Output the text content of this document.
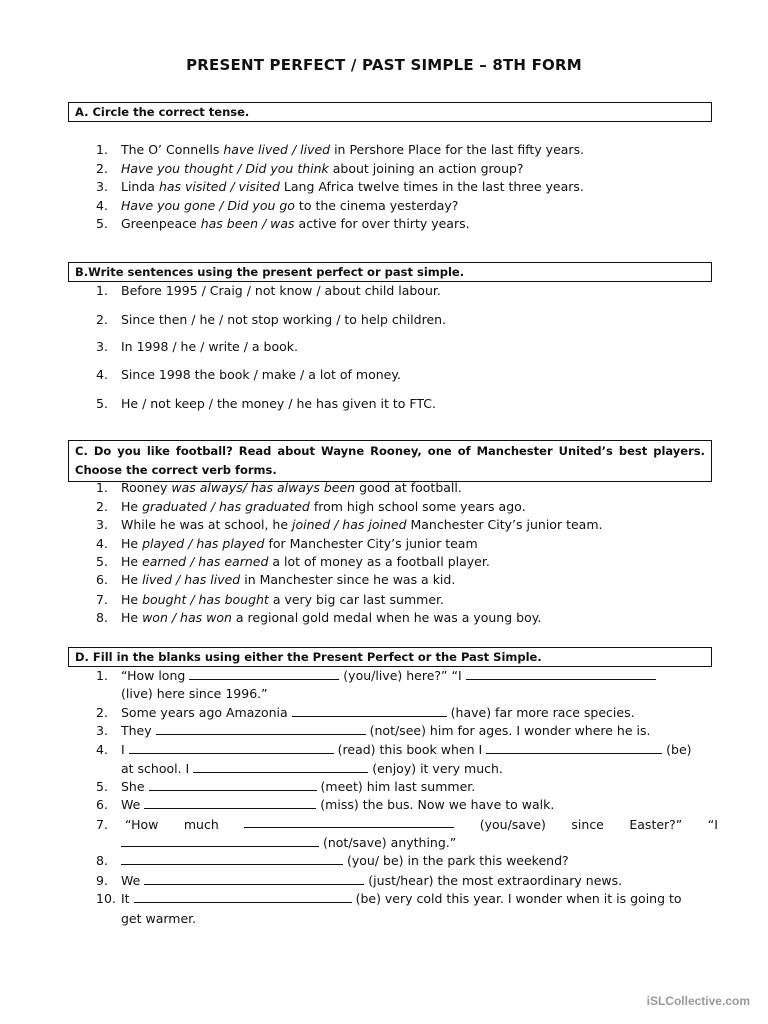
PRESENT PERFECT / PAST SIMPLE – 8TH FORM
A. Circle the correct tense.
1. The O’ Connells have lived / lived in Pershore Place for the last fifty years.
2. Have you thought / Did you think about joining an action group?
3. Linda has visited / visited Lang Africa twelve times in the last three years.
4. Have you gone / Did you go to the cinema yesterday?
5. Greenpeace has been / was active for over thirty years.
B.Write sentences using the present perfect or past simple.
1. Before 1995 / Craig / not know / about child labour.
2. Since then / he / not stop working / to help children.
3. In 1998 / he / write / a book.
4. Since 1998 the book / make / a lot of money.
5. He / not keep / the money / he has given it to FTC.
C. Do you like football? Read about Wayne Rooney, one of Manchester United’s best players. Choose the correct verb forms.
1. Rooney was always/ has always been good at football.
2. He graduated / has graduated from high school some years ago.
3. While he was at school, he joined / has joined Manchester City’s junior team.
4. He played / has played for Manchester City’s junior team
5. He earned / has earned a lot of money as a football player.
6. He lived / has lived in Manchester since he was a kid.
7. He bought / has bought a very big car last summer.
8. He won / has won a regional gold medal when he was a young boy.
D. Fill in the blanks using either the Present Perfect or the Past Simple.
1. “How long	(you/live) here?” “I
(live) here since 1996.”
2. Some years ago Amazonia	(have) far more race species.
3. They	(not/see) him for ages. I wonder where he is.
4. I	(read) this book when I	(be)
at school. I	(enjoy) it very much.
5. She	(meet) him last summer.
6. We	(miss) the bus. Now we have to walk.
7. “How much	(you/save) since Easter?” “I
(not/save) anything.”
8.	(you/ be) in the park this weekend?
9. We	(just/hear) the most extraordinary news.
10. It	(be) very cold this year. I wonder when it is going to
get warmer.
iSLCollective.com
